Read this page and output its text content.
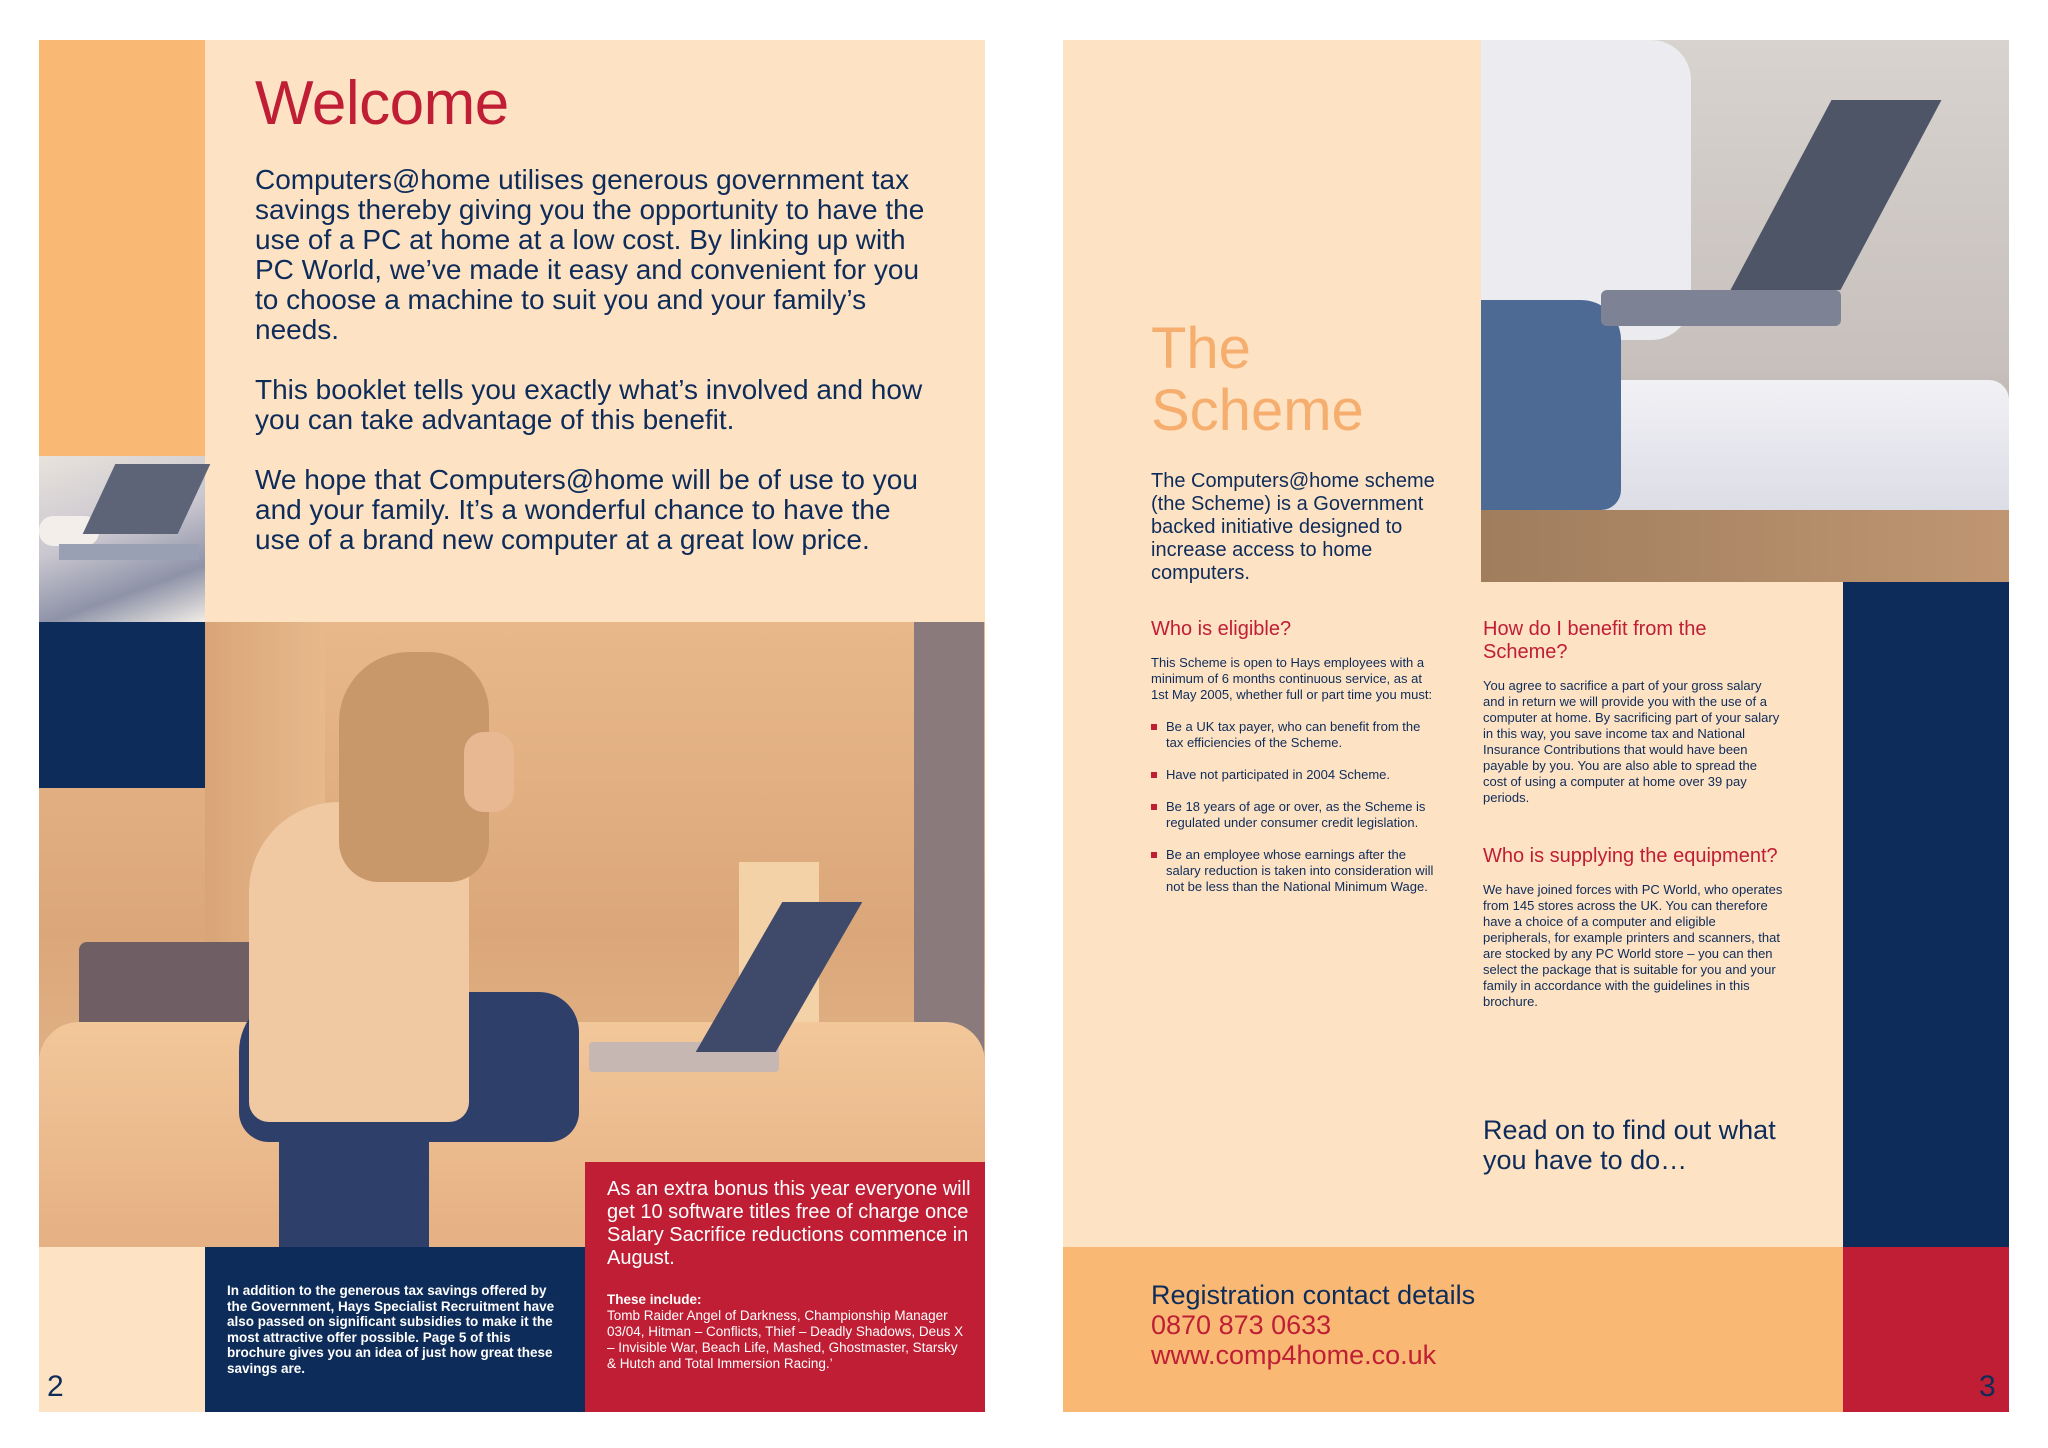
Welcome

Computers@home utilises generous government tax savings thereby giving you the opportunity to have the use of a PC at home at a low cost. By linking up with PC World, we’ve made it easy and convenient for you to choose a machine to suit you and your family’s needs.

This booklet tells you exactly what’s involved and how you can take advantage of this benefit.

We hope that Computers@home will be of use to you and your family. It’s a wonderful chance to have the use of a brand new computer at a great low price.

In addition to the generous tax savings offered by the Government, Hays Specialist Recruitment have also passed on significant subsidies to make it the most attractive offer possible. Page 5 of this brochure gives you an idea of just how great these savings are.

As an extra bonus this year everyone will get 10 software titles free of charge once Salary Sacrifice reductions commence in August.

These include:

Tomb Raider Angel of Darkness, Championship Manager 03/04, Hitman – Conflicts, Thief – Deadly Shadows, Deus X – Invisible War, Beach Life, Mashed, Ghostmaster, Starsky & Hutch and Total Immersion Racing.’

2
The
Scheme

The Computers@home scheme (the Scheme) is a Government backed initiative designed to increase access to home computers.

Who is eligible?

This Scheme is open to Hays employees with a minimum of 6 months continuous service, as at 1st May 2005, whether full or part time you must:

Be a UK tax payer, who can benefit from the tax efficiencies of the Scheme.
Have not participated in 2004 Scheme.
Be 18 years of age or over, as the Scheme is regulated under consumer credit legislation.
Be an employee whose earnings after the salary reduction is taken into consideration will not be less than the National Minimum Wage.
How do I benefit from the Scheme?

You agree to sacrifice a part of your gross salary and in return we will provide you with the use of a computer at home. By sacrificing part of your salary in this way, you save income tax and National Insurance Contributions that would have been payable by you. You are also able to spread the cost of using a computer at home over 39 pay periods.

Who is supplying the equipment?

We have joined forces with PC World, who operates from 145 stores across the UK. You can therefore have a choice of a computer and eligible peripherals, for example printers and scanners, that are stocked by any PC World store – you can then select the package that is suitable for you and your family in accordance with the guidelines in this brochure.

Read on to find out what you have to do…

Registration contact details

0870 873 0633

www.comp4home.co.uk

3
